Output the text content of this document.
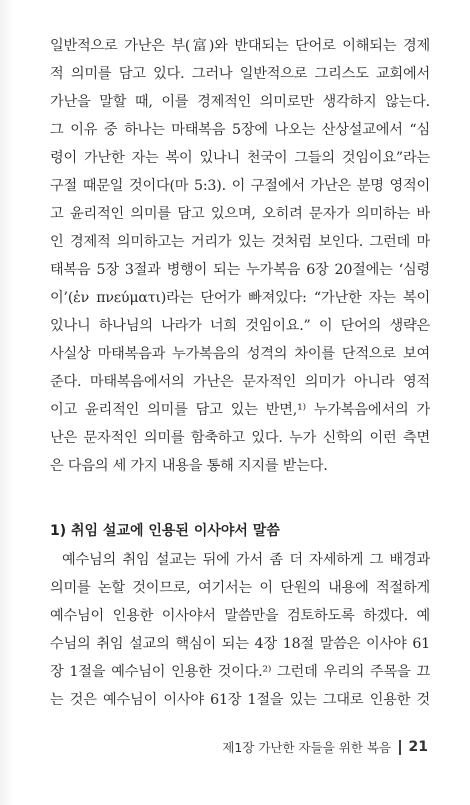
일반적으로 가난은 부(富)와 반대되는 단어로 이해되는 경제
적 의미를 담고 있다. 그러나 일반적으로 그리스도 교회에서
가난을 말할 때, 이를 경제적인 의미로만 생각하지 않는다.
그 이유 중 하나는 마태복음 5장에 나오는 산상설교에서 “심
령이 가난한 자는 복이 있나니 천국이 그들의 것임이요”라는
구절 때문일 것이다(마 5:3). 이 구절에서 가난은 분명 영적이
고 윤리적인 의미를 담고 있으며, 오히려 문자가 의미하는 바
인 경제적 의미하고는 거리가 있는 것처럼 보인다. 그런데 마
태복음 5장 3절과 병행이 되는 누가복음 6장 20절에는 ‘심령
이’(ἐν πνεύματι)라는 단어가 빠져있다: “가난한 자는 복이
있나니 하나님의 나라가 너희 것임이요.” 이 단어의 생략은
사실상 마태복음과 누가복음의 성격의 차이를 단적으로 보여
준다. 마태복음에서의 가난은 문자적인 의미가 아니라 영적
이고 윤리적인 의미를 담고 있는 반면,¹⁾ 누가복음에서의 가
난은 문자적인 의미를 함축하고 있다. 누가 신학의 이런 측면
은 다음의 세 가지 내용을 통해 지지를 받는다.
1) 취임 설교에 인용된 이사야서 말씀
예수님의 취임 설교는 뒤에 가서 좀 더 자세하게 그 배경과
의미를 논할 것이므로, 여기서는 이 단원의 내용에 적절하게
예수님이 인용한 이사야서 말씀만을 검토하도록 하겠다. 예
수님의 취임 설교의 핵심이 되는 4장 18절 말씀은 이사야 61
장 1절을 예수님이 인용한 것이다.²⁾ 그런데 우리의 주목을 끄
는 것은 예수님이 이사야 61장 1절을 있는 그대로 인용한 것
제1장 가난한 자들을 위한 복음 21
